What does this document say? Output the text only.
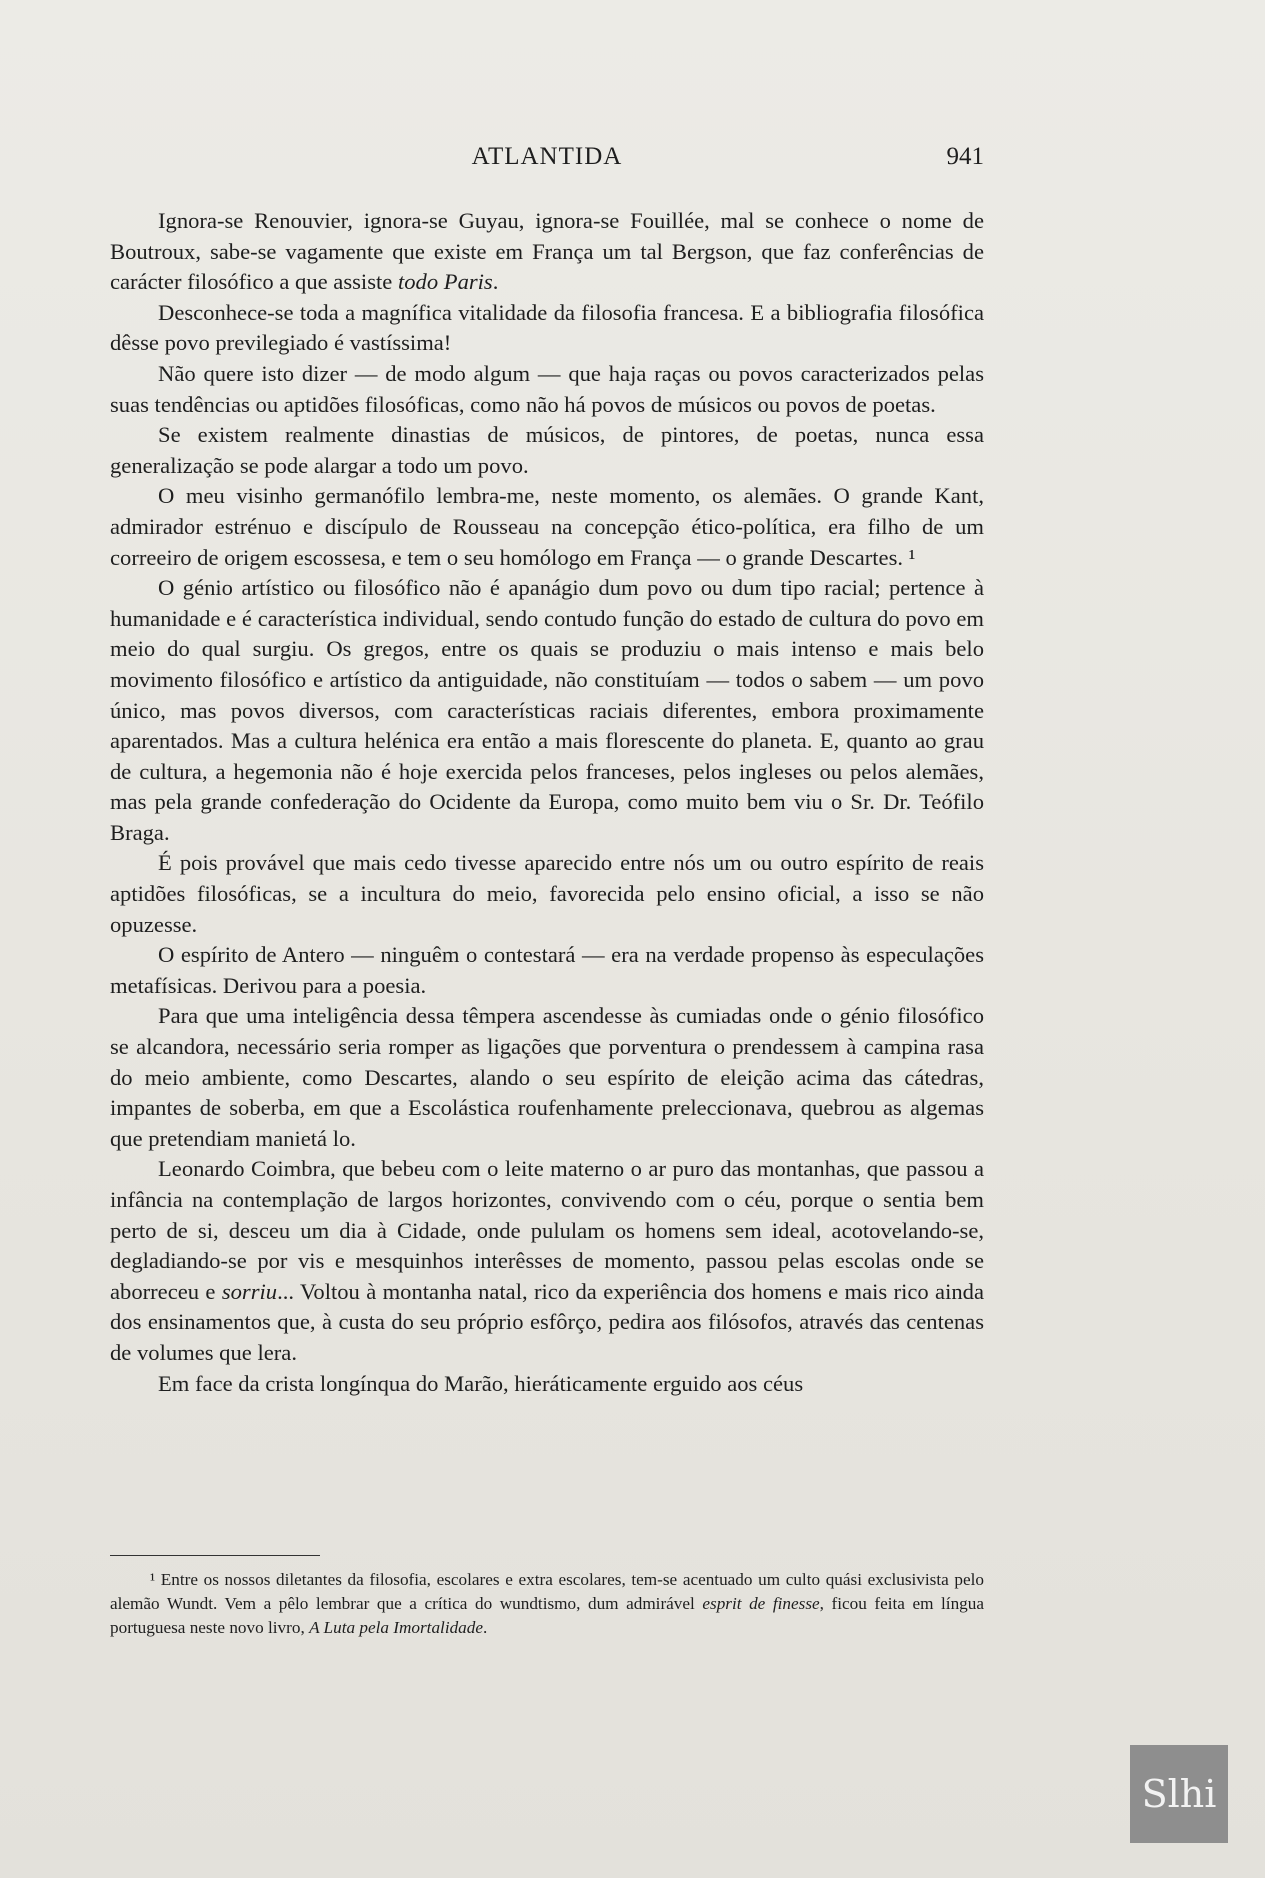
ATLANTIDA	941

Ignora-se Renouvier, ignora-se Guyau, ignora-se Fouillée, mal se conhece o nome de Boutroux, sabe-se vagamente que existe em França um tal Bergson, que faz conferências de carácter filosófico a que assiste todo Paris.

Desconhece-se toda a magnífica vitalidade da filosofia francesa. E a bibliografia filosófica dêsse povo previlegiado é vastíssima!

Não quere isto dizer — de modo algum — que haja raças ou povos caracterizados pelas suas tendências ou aptidões filosóficas, como não há povos de músicos ou povos de poetas.

Se existem realmente dinastias de músicos, de pintores, de poetas, nunca essa generalização se pode alargar a todo um povo.

O meu visinho germanófilo lembra-me, neste momento, os alemães. O grande Kant, admirador estrénuo e discípulo de Rousseau na concepção ético-política, era filho de um correeiro de origem escossesa, e tem o seu homólogo em França — o grande Descartes. ¹

O génio artístico ou filosófico não é apanágio dum povo ou dum tipo racial; pertence à humanidade e é característica individual, sendo contudo função do estado de cultura do povo em meio do qual surgiu. Os gregos, entre os quais se produziu o mais intenso e mais belo movimento filosófico e artístico da antiguidade, não constituíam — todos o sabem — um povo único, mas povos diversos, com características raciais diferentes, embora proximamente aparentados. Mas a cultura helénica era então a mais florescente do planeta. E, quanto ao grau de cultura, a hegemonia não é hoje exercida pelos franceses, pelos ingleses ou pelos alemães, mas pela grande confederação do Ocidente da Europa, como muito bem viu o Sr. Dr. Teófilo Braga.

É pois provável que mais cedo tivesse aparecido entre nós um ou outro espírito de reais aptidões filosóficas, se a incultura do meio, favorecida pelo ensino oficial, a isso se não opuzesse.

O espírito de Antero — ninguêm o contestará — era na verdade propenso às especulações metafísicas. Derivou para a poesia.

Para que uma inteligência dessa têmpera ascendesse às cumiadas onde o génio filosófico se alcandora, necessário seria romper as ligações que porventura o prendessem à campina rasa do meio ambiente, como Descartes, alando o seu espírito de eleição acima das cátedras, impantes de soberba, em que a Escolástica roufenhamente preleccionava, quebrou as algemas que pretendiam manietá lo.

Leonardo Coimbra, que bebeu com o leite materno o ar puro das montanhas, que passou a infância na contemplação de largos horizontes, convivendo com o céu, porque o sentia bem perto de si, desceu um dia à Cidade, onde pululam os homens sem ideal, acotovelando-se, degladiando-se por vis e mesquinhos interêsses de momento, passou pelas escolas onde se aborreceu e sorriu... Voltou à montanha natal, rico da experiência dos homens e mais rico ainda dos ensinamentos que, à custa do seu próprio esfôrço, pedira aos filósofos, através das centenas de volumes que lera.

Em face da crista longínqua do Marão, hieráticamente erguido aos céus

¹ Entre os nossos diletantes da filosofia, escolares e extra escolares, tem-se acentuado um culto quási exclusivista pelo alemão Wundt. Vem a pêlo lembrar que a crítica do wundtismo, dum admirável esprit de finesse, ficou feita em língua portuguesa neste novo livro, A Luta pela Imortalidade.

Slhi
